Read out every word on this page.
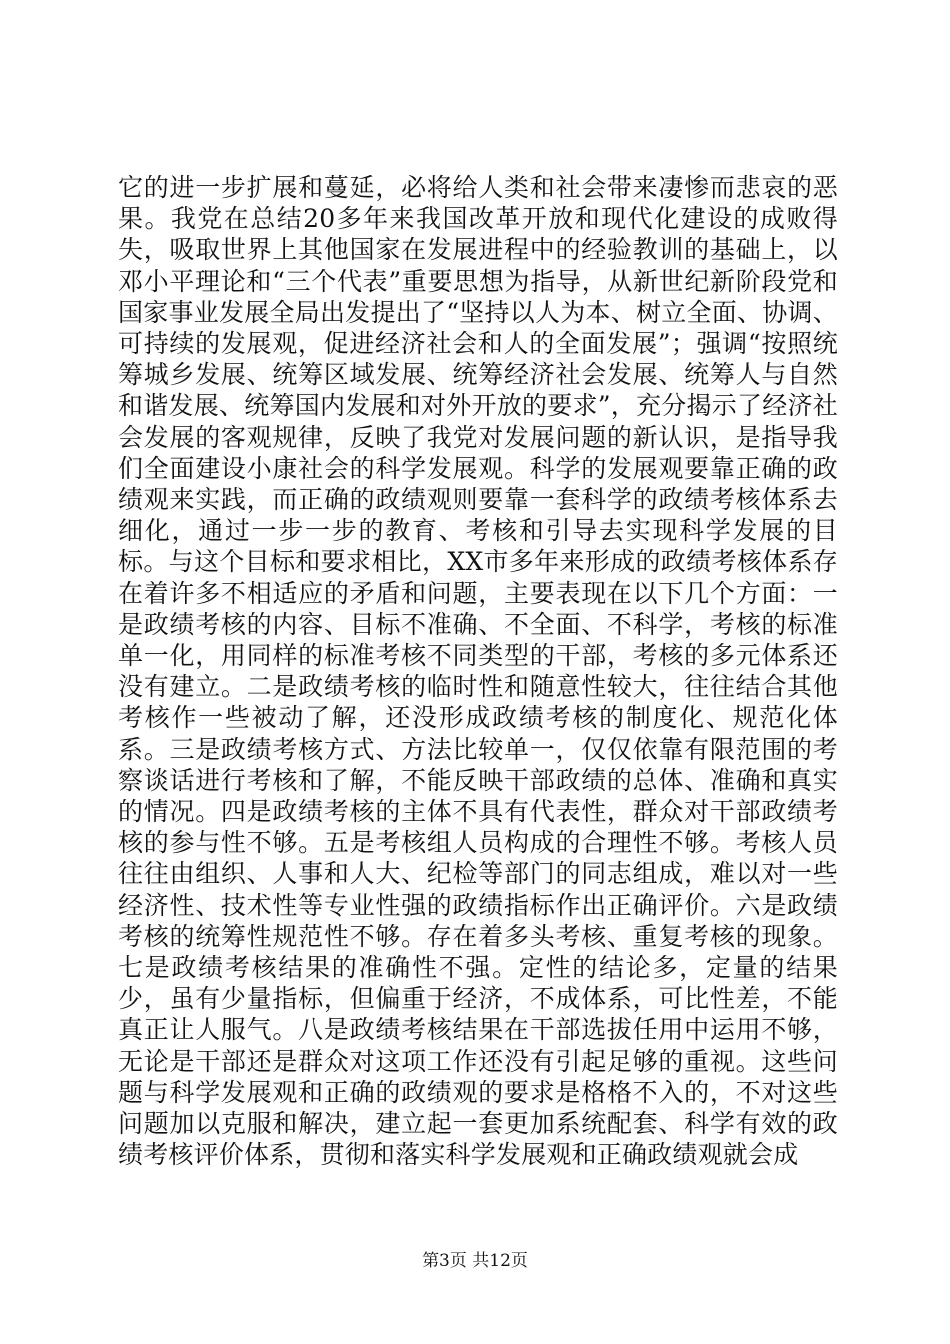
它的进一步扩展和蔓延，必将给人类和社会带来凄惨而悲哀的恶果。我党在总结20多年来我国改革开放和现代化建设的成败得失，吸取世界上其他国家在发展进程中的经验教训的基础上，以邓小平理论和“三个代表”重要思想为指导，从新世纪新阶段党和国家事业发展全局出发提出了“坚持以人为本、树立全面、协调、可持续的发展观，促进经济社会和人的全面发展”；强调“按照统筹城乡发展、统筹区域发展、统筹经济社会发展、统筹人与自然和谐发展、统筹国内发展和对外开放的要求”，充分揭示了经济社会发展的客观规律，反映了我党对发展问题的新认识，是指导我们全面建设小康社会的科学发展观。科学的发展观要靠正确的政绩观来实践，而正确的政绩观则要靠一套科学的政绩考核体系去细化，通过一步一步的教育、考核和引导去实现科学发展的目标。与这个目标和要求相比，XX市多年来形成的政绩考核体系存在着许多不相适应的矛盾和问题，主要表现在以下几个方面：一是政绩考核的内容、目标不准确、不全面、不科学，考核的标准单一化，用同样的标准考核不同类型的干部，考核的多元体系还没有建立。二是政绩考核的临时性和随意性较大，往往结合其他考核作一些被动了解，还没形成政绩考核的制度化、规范化体系。三是政绩考核方式、方法比较单一，仅仅依靠有限范围的考察谈话进行考核和了解，不能反映干部政绩的总体、准确和真实的情况。四是政绩考核的主体不具有代表性，群众对干部政绩考核的参与性不够。五是考核组人员构成的合理性不够。考核人员往往由组织、人事和人大、纪检等部门的同志组成，难以对一些经济性、技术性等专业性强的政绩指标作出正确评价。六是政绩考核的统筹性规范性不够。存在着多头考核、重复考核的现象。七是政绩考核结果的准确性不强。定性的结论多，定量的结果少，虽有少量指标，但偏重于经济，不成体系，可比性差，不能真正让人服气。八是政绩考核结果在干部选拔任用中运用不够，无论是干部还是群众对这项工作还没有引起足够的重视。这些问题与科学发展观和正确的政绩观的要求是格格不入的，不对这些问题加以克服和解决，建立起一套更加系统配套、科学有效的政绩考核评价体系，贯彻和落实科学发展观和正确政绩观就会成

第3页 共12页
